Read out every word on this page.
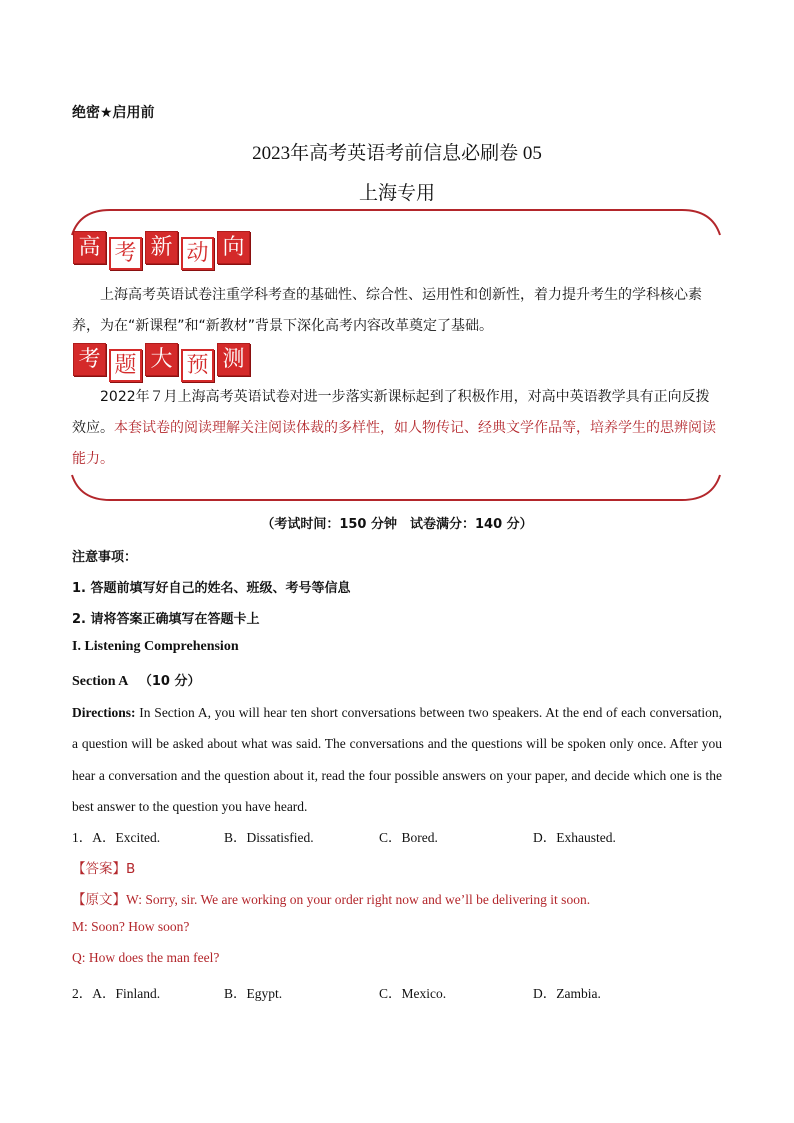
绝密★启用前
2023年高考英语考前信息必刷卷 05
上海专用
高 考 新 动 向
上海高考英语试卷注重学科考查的基础性、综合性、运用性和创新性，着力提升考生的学科核心素养，为在“新课程”和“新教材”背景下深化高考内容改革奠定了基础。
考 题 大 预 测
2022年７月上海高考英语试卷对进一步落实新课标起到了积极作用，对高中英语教学具有正向反拨效应。本套试卷的阅读理解关注阅读体裁的多样性，如人物传记、经典文学作品等，培养学生的思辨阅读能力。
（考试时间：150 分钟　试卷满分：140 分）
注意事项：
1. 答题前填写好自己的姓名、班级、考号等信息
2. 请将答案正确填写在答题卡上
I. Listening Comprehension
Section A （10 分）
Directions: In Section A, you will hear ten short conversations between two speakers. At the end of each conversation, a question will be asked about what was said. The conversations and the questions will be spoken only once. After you hear a conversation and the question about it, read the four possible answers on your paper, and decide which one is the best answer to the question you have heard.
1．A．Excited.	B．Dissatisfied.	C．Bored.	D．Exhausted.
【答案】B
【原文】W: Sorry, sir. We are working on your order right now and we’ll be delivering it soon.
M: Soon? How soon?
Q: How does the man feel?
2．A．Finland.	B．Egypt.	C．Mexico.	D．Zambia.
